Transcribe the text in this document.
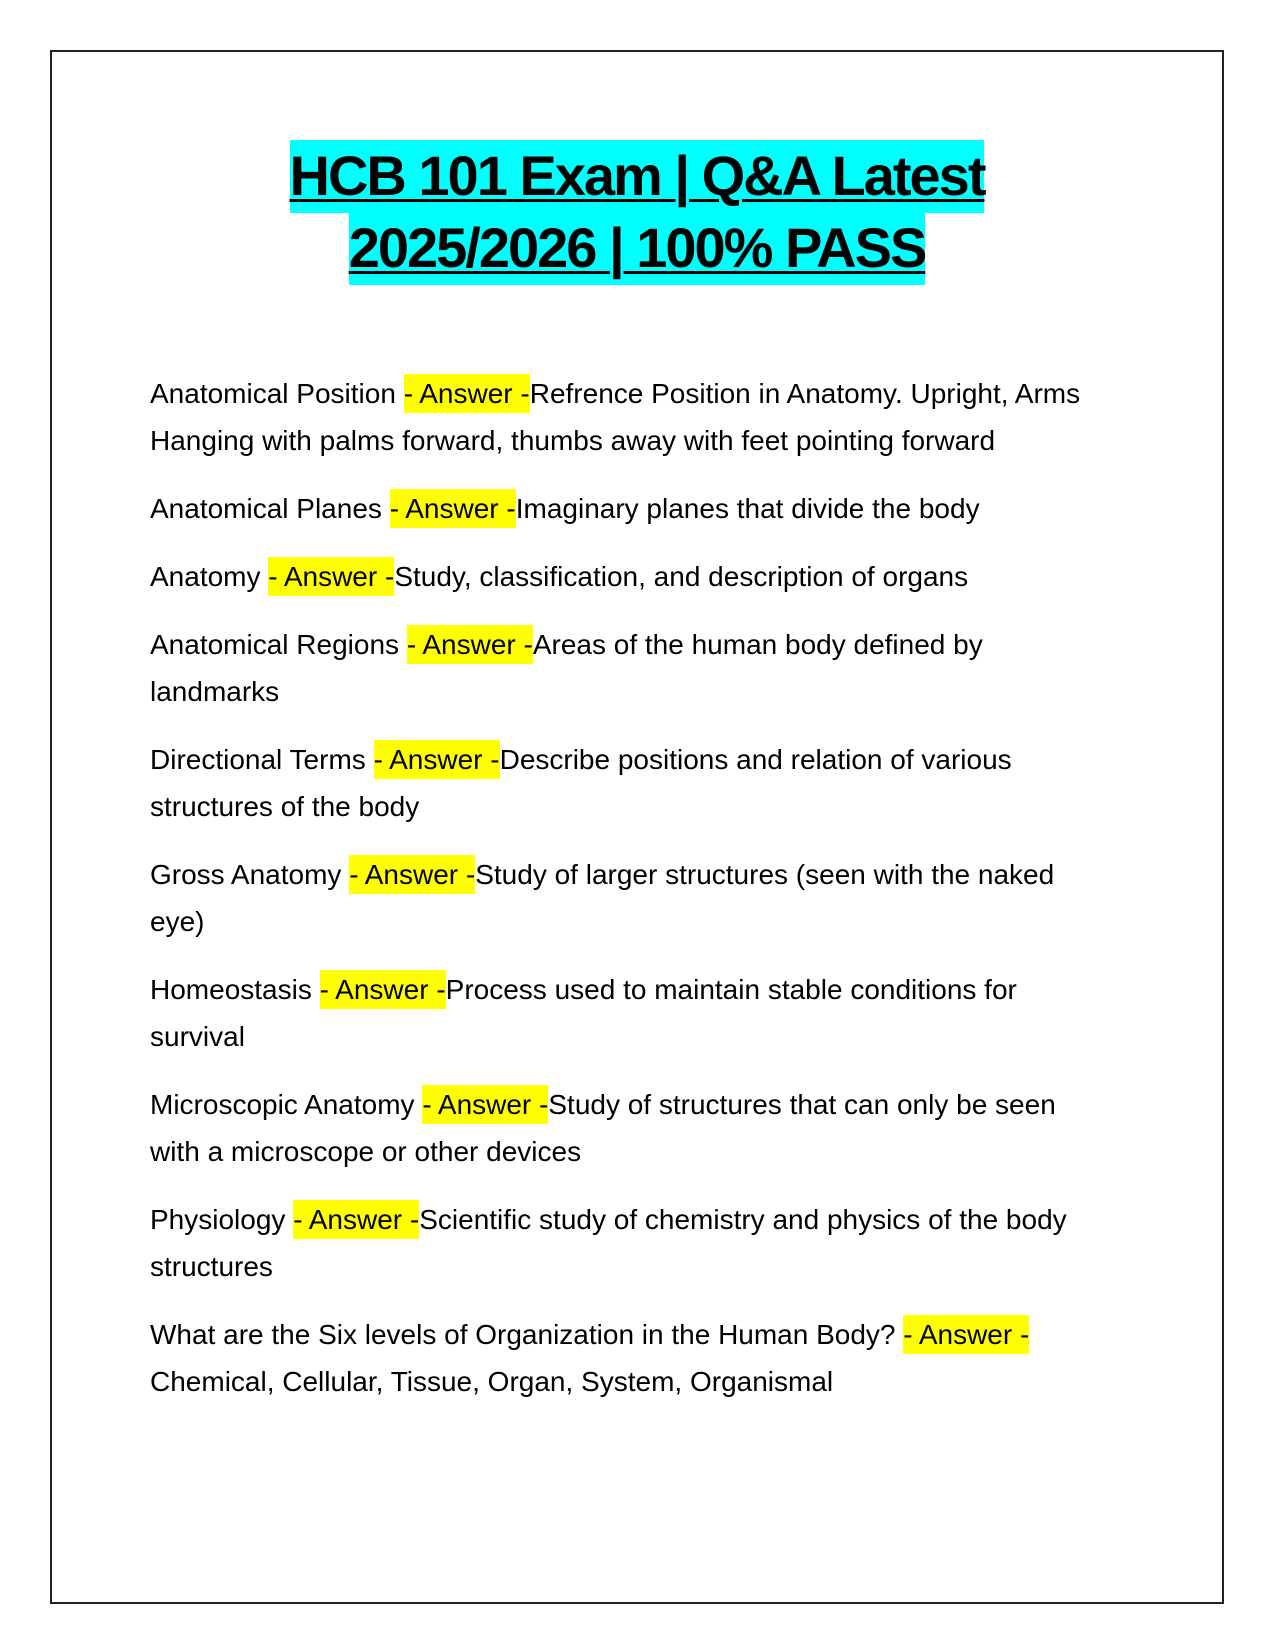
HCB 101 Exam | Q&A Latest
2025/2026 | 100% PASS
Anatomical Position - Answer -Refrence Position in Anatomy. Upright, Arms Hanging with palms forward, thumbs away with feet pointing forward
Anatomical Planes - Answer -Imaginary planes that divide the body
Anatomy - Answer -Study, classification, and description of organs
Anatomical Regions - Answer -Areas of the human body defined by landmarks
Directional Terms - Answer -Describe positions and relation of various structures of the body
Gross Anatomy - Answer -Study of larger structures (seen with the naked eye)
Homeostasis - Answer -Process used to maintain stable conditions for survival
Microscopic Anatomy - Answer -Study of structures that can only be seen with a microscope or other devices
Physiology - Answer -Scientific study of chemistry and physics of the body structures
What are the Six levels of Organization in the Human Body? - Answer -Chemical, Cellular, Tissue, Organ, System, Organismal
